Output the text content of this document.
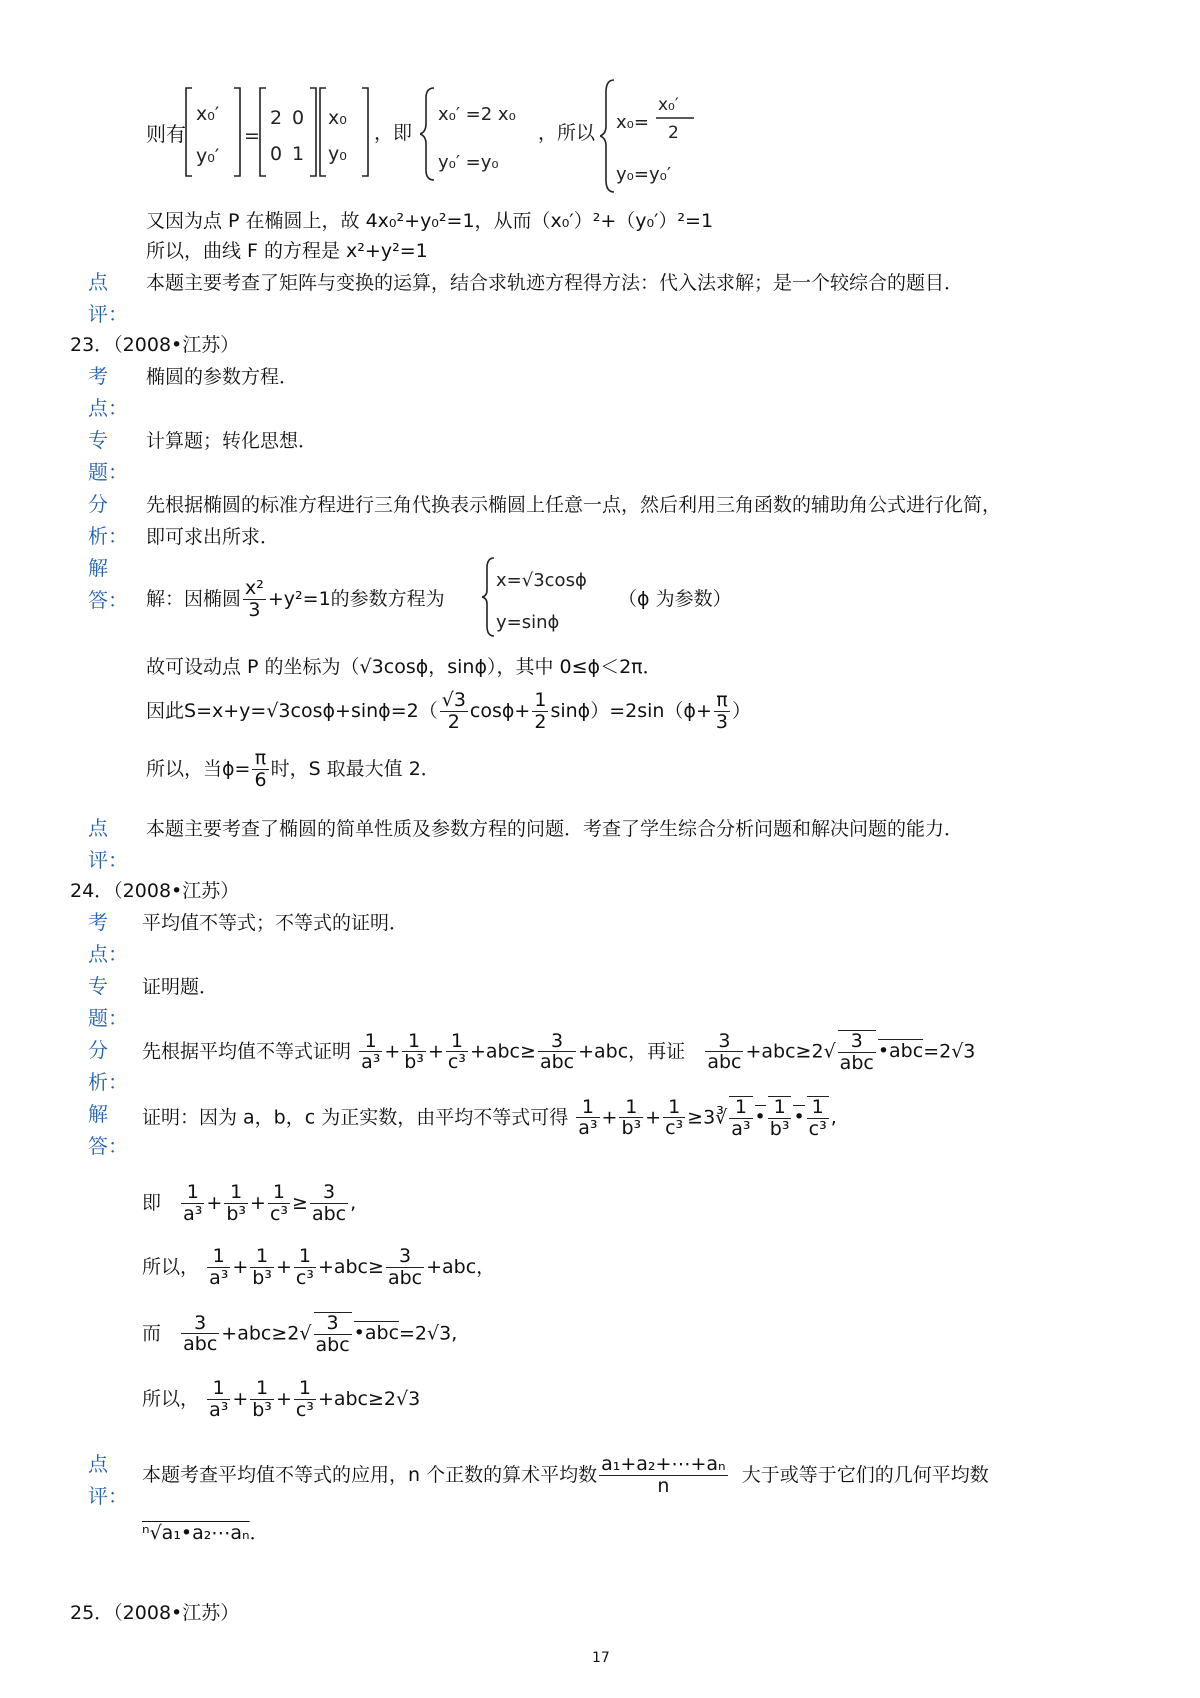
则有
x₀′
y₀′
=
2 0
0 1
x₀
y₀
，即
x₀′ =2 x₀
y₀′ =y₀
，所以 x₀=
x₀′
2
y₀=y₀′
又因为点 P 在椭圆上，故 4x₀²+y₀²=1，从而（x₀′）²+（y₀′）²=1
所以，曲线 F 的方程是 x²+y²=1
点
评：
本题主要考查了矩阵与变换的运算，结合求轨迹方程得方法：代入法求解；是一个较综合的题目．
23．（2008•江苏）
考
点：
椭圆的参数方程．
专
题：
计算题；转化思想．
分
析：
先根据椭圆的标准方程进行三角代换表示椭圆上任意一点，然后利用三角函数的辅助角公式进行化简，
即可求出所求．
解
答： 解：因椭圆 $\frac{\text{x²}}{3} +y^2=1$的参数方程为
x=√3cosϕ
y=sinϕ
（ϕ 为参数）
故可设动点 P 的坐标为（√3cosϕ，sinϕ），其中 0≤ϕ＜2π．
因此$S=x+y=√3\cos\phi+\sin\phi=2( \frac{√3}{2} \cos\phi+ \frac{1}{2} \sin\phi)=2\sin(\phi+ \frac{\pi}{3}$ ）
所以，当$\phi= \frac{\pi}{6}$ 时，S 取最大值 2．
点
评：
本题主要考查了椭圆的简单性质及参数方程的问题．考查了学生综合分析问题和解决问题的能力．
24．（2008•江苏）
考
点：
平均值不等式；不等式的证明．
专
题：
证明题．
分
析：
先根据平均值不等式证明 $\frac{1}{\text{a³}} + \frac{1}{\text{b³}} + \frac{1}{\text{c³}} +abc\ge \frac{3}{\text{abc}} +abc$，再证 $\frac{3}{\text{abc}} +abc\ge 2√ \frac{3}{\text{abc}}$ •abc=2√3
解
答：
证明：因为 a，b，c 为正实数，由平均不等式可得 $\frac{1}{\text{a³}} + \frac{1}{\text{b³}} + \frac{1}{\text{c³}}$ ≥3∛ $\frac{1}{\text{a³}}$ • $\frac{1}{\text{b³}}$ • $\frac{1}{\text{c³}}$ ,
即 $\frac{1}{\text{a³}} + \frac{1}{\text{b³}} + \frac{1}{\text{c³}} \ge \frac{3}{\text{abc}}$ ,
所以， $\frac{1}{\text{a³}} + \frac{1}{\text{b³}} + \frac{1}{\text{c³}} +abc\ge \frac{3}{\text{abc}} +abc$，
而 $\frac{3}{\text{abc}} +abc\ge 2√ \frac{3}{\text{abc}}$ •abc=2√3,
所以， $\frac{1}{\text{a³}} + \frac{1}{\text{b³}} + \frac{1}{\text{c³}} +abc\ge 2√3$
点
评：
本题考查平均值不等式的应用，n 个正数的算术平均数 $\frac{\text{a₁+a₂+⋯+aₙ}}{n}$ 大于或等于它们的几何平均数
ⁿ√a₁•a₂⋯aₙ．
25．（2008•江苏）
17
